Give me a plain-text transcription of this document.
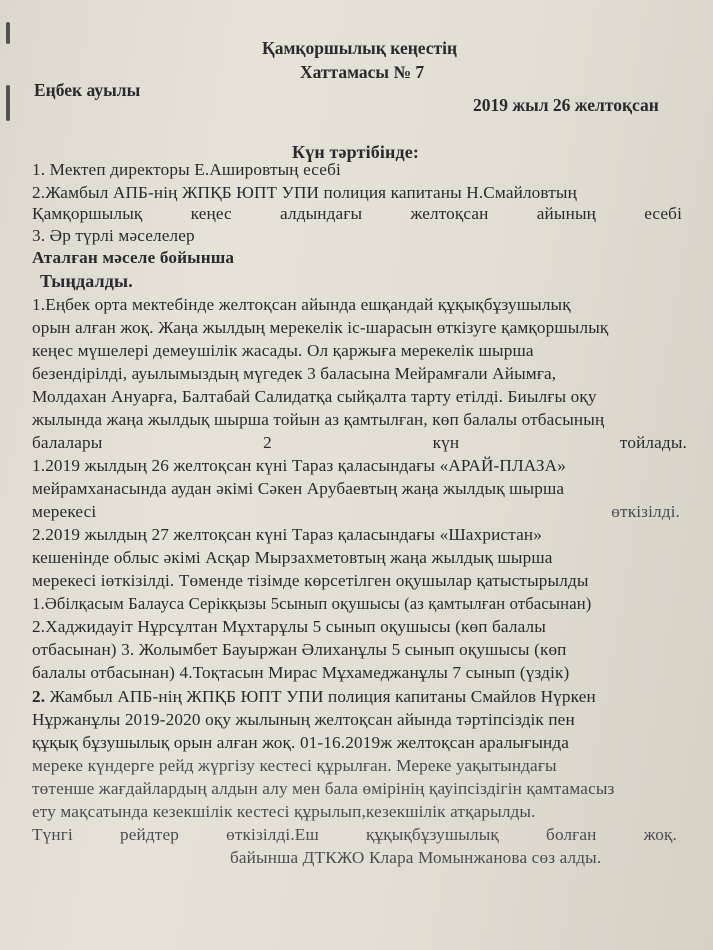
Қамқоршылық кеңестің
Хаттамасы № 7
Еңбек ауылы
2019 жыл 26 желтоқсан
Күн тәртібінде:
1. Мектеп директоры Е.Ашировтың есебі
2.Жамбыл АПБ-нің ЖПҚБ ЮПТ УПИ полиция капитаны Н.Смайловтың
Қамқоршылық	кеңес	алдындағы	желтоқсан	айының	есебі
3. Әр түрлі мәселелер
Аталған мәселе бойынша
Тыңдалды.
1.Еңбек орта мектебінде желтоқсан айында ешқандай құқықбұзушылық
орын алған жоқ. Жаңа жылдың мерекелік іс-шарасын өткізуге қамқоршылық
кеңес мүшелері демеушілік жасады. Ол қаржыға мерекелік шырша
безендірілді, ауылымыздың мүгедек 3 баласына Мейрамғали Айымға,
Молдахан Ануарға, Балтабай Салидатқа сыйқалта тарту етілді. Биылғы оқу
жылында жаңа жылдық шырша тойын аз қамтылған, көп балалы отбасының
балалары	2	күн	тойлады.
1.2019 жылдың 26 желтоқсан күні Тараз қаласындағы «АРАЙ-ПЛАЗА»
мейрамханасында аудан әкімі Сәкен Арубаевтың жаңа жылдық шырша
мерекесі	өткізілді.
2.2019 жылдың 27 желтоқсан күні Тараз қаласындағы «Шахристан»
кешенінде облыс әкімі Асқар Мырзахметовтың жаңа жылдық шырша
мерекесі іөткізілді. Төменде тізімде көрсетілген оқушылар қатыстырылды
1.Әбілқасым Балауса Серікқызы 5сынып оқушысы (аз қамтылған отбасынан)
2.Хаджидауіт Нұрсұлтан Мұхтарұлы 5 сынып оқушысы (көп балалы
отбасынан) 3. Жолымбет Бауыржан Әлиханұлы 5 сынып оқушысы (көп
балалы отбасынан) 4.Тоқтасын Мирас Мұхамеджанұлы 7 сынып (үздік)
2. Жамбыл АПБ-нің ЖПҚБ ЮПТ УПИ полиция капитаны Смайлов Нүркен
Нұржанұлы 2019-2020 оқу жылының желтоқсан айында тәртіпсіздік пен
құқық бұзушылық орын алған жоқ. 01-16.2019ж желтоқсан аралығында
мереке күндерге рейд жүргізу кестесі құрылған. Мереке уақытындағы
төтенше жағдайлардың алдын алу мен бала өмірінің қауіпсіздігін қамтамасыз
ету мақсатында кезекшілік кестесі құрылып,кезекшілік атқарылды.
Түнгі	рейдтер	өткізілді.Еш	құқықбұзушылық	болған	жоқ.
байынша ДТКЖО Клара Момынжанова сөз алды.
